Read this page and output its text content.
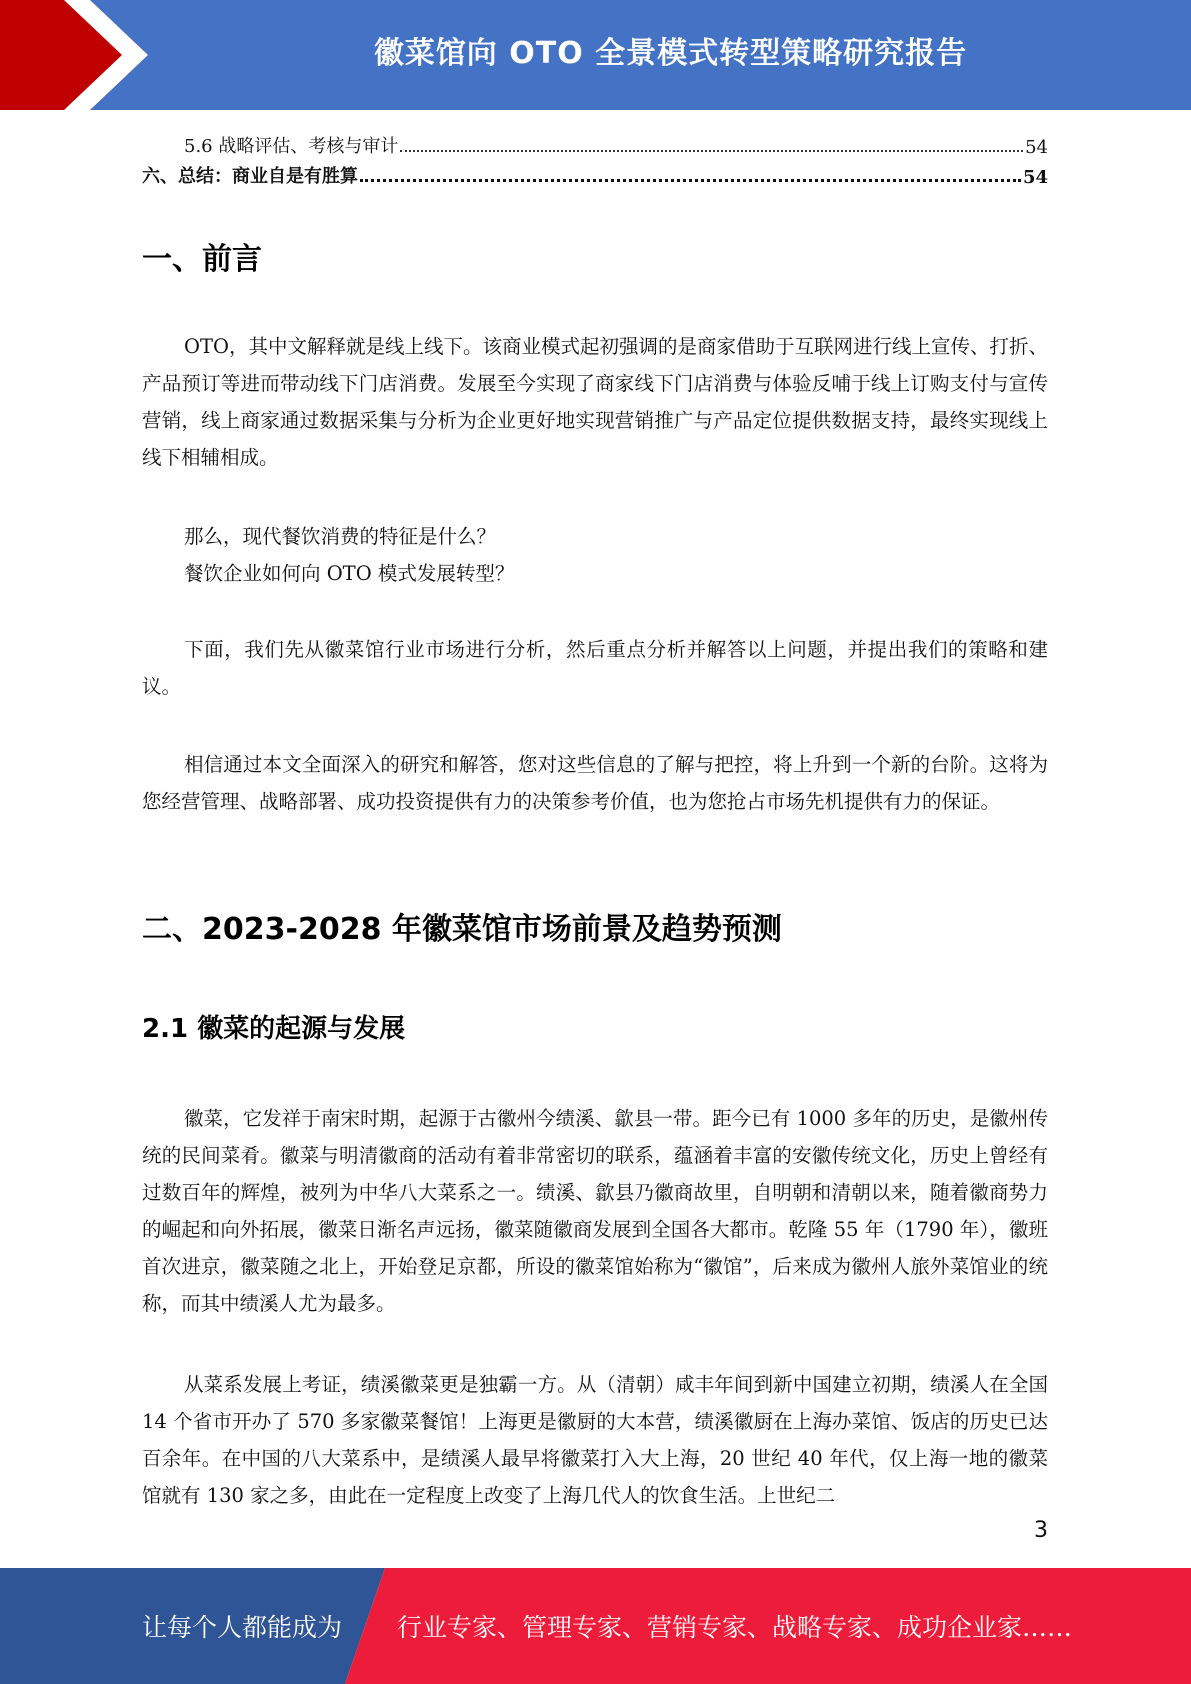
徽菜馆向 OTO 全景模式转型策略研究报告
5.6 战略评估、考核与审计	54
六、总结：商业自是有胜算	54
一、前言

OTO，其中文解释就是线上线下。该商业模式起初强调的是商家借助于互联网进行线上宣传、打折、产品预订等进而带动线下门店消费。发展至今实现了商家线下门店消费与体验反哺于线上订购支付与宣传营销，线上商家通过数据采集与分析为企业更好地实现营销推广与产品定位提供数据支持，最终实现线上线下相辅相成。

那么，现代餐饮消费的特征是什么？

餐饮企业如何向 OTO 模式发展转型？

下面，我们先从徽菜馆行业市场进行分析，然后重点分析并解答以上问题，并提出我们的策略和建议。

相信通过本文全面深入的研究和解答，您对这些信息的了解与把控，将上升到一个新的台阶。这将为您经营管理、战略部署、成功投资提供有力的决策参考价值，也为您抢占市场先机提供有力的保证。

二、2023-2028 年徽菜馆市场前景及趋势预测
2.1 徽菜的起源与发展

徽菜，它发祥于南宋时期，起源于古徽州今绩溪、歙县一带。距今已有 1000 多年的历史，是徽州传统的民间菜肴。徽菜与明清徽商的活动有着非常密切的联系，蕴涵着丰富的安徽传统文化，历史上曾经有过数百年的辉煌，被列为中华八大菜系之一。绩溪、歙县乃徽商故里，自明朝和清朝以来，随着徽商势力的崛起和向外拓展，徽菜日渐名声远扬，徽菜随徽商发展到全国各大都市。乾隆 55 年（1790 年），徽班首次进京，徽菜随之北上，开始登足京都，所设的徽菜馆始称为“徽馆”，后来成为徽州人旅外菜馆业的统称，而其中绩溪人尤为最多。

从菜系发展上考证，绩溪徽菜更是独霸一方。从（清朝）咸丰年间到新中国建立初期，绩溪人在全国 14 个省市开办了 570 多家徽菜餐馆！上海更是徽厨的大本营，绩溪徽厨在上海办菜馆、饭店的历史已达百余年。在中国的八大菜系中，是绩溪人最早将徽菜打入大上海，20 世纪 40 年代，仅上海一地的徽菜馆就有 130 家之多，由此在一定程度上改变了上海几代人的饮食生活。上世纪二

3
让每个人都能成为 行业专家、管理专家、营销专家、战略专家、成功企业家……
